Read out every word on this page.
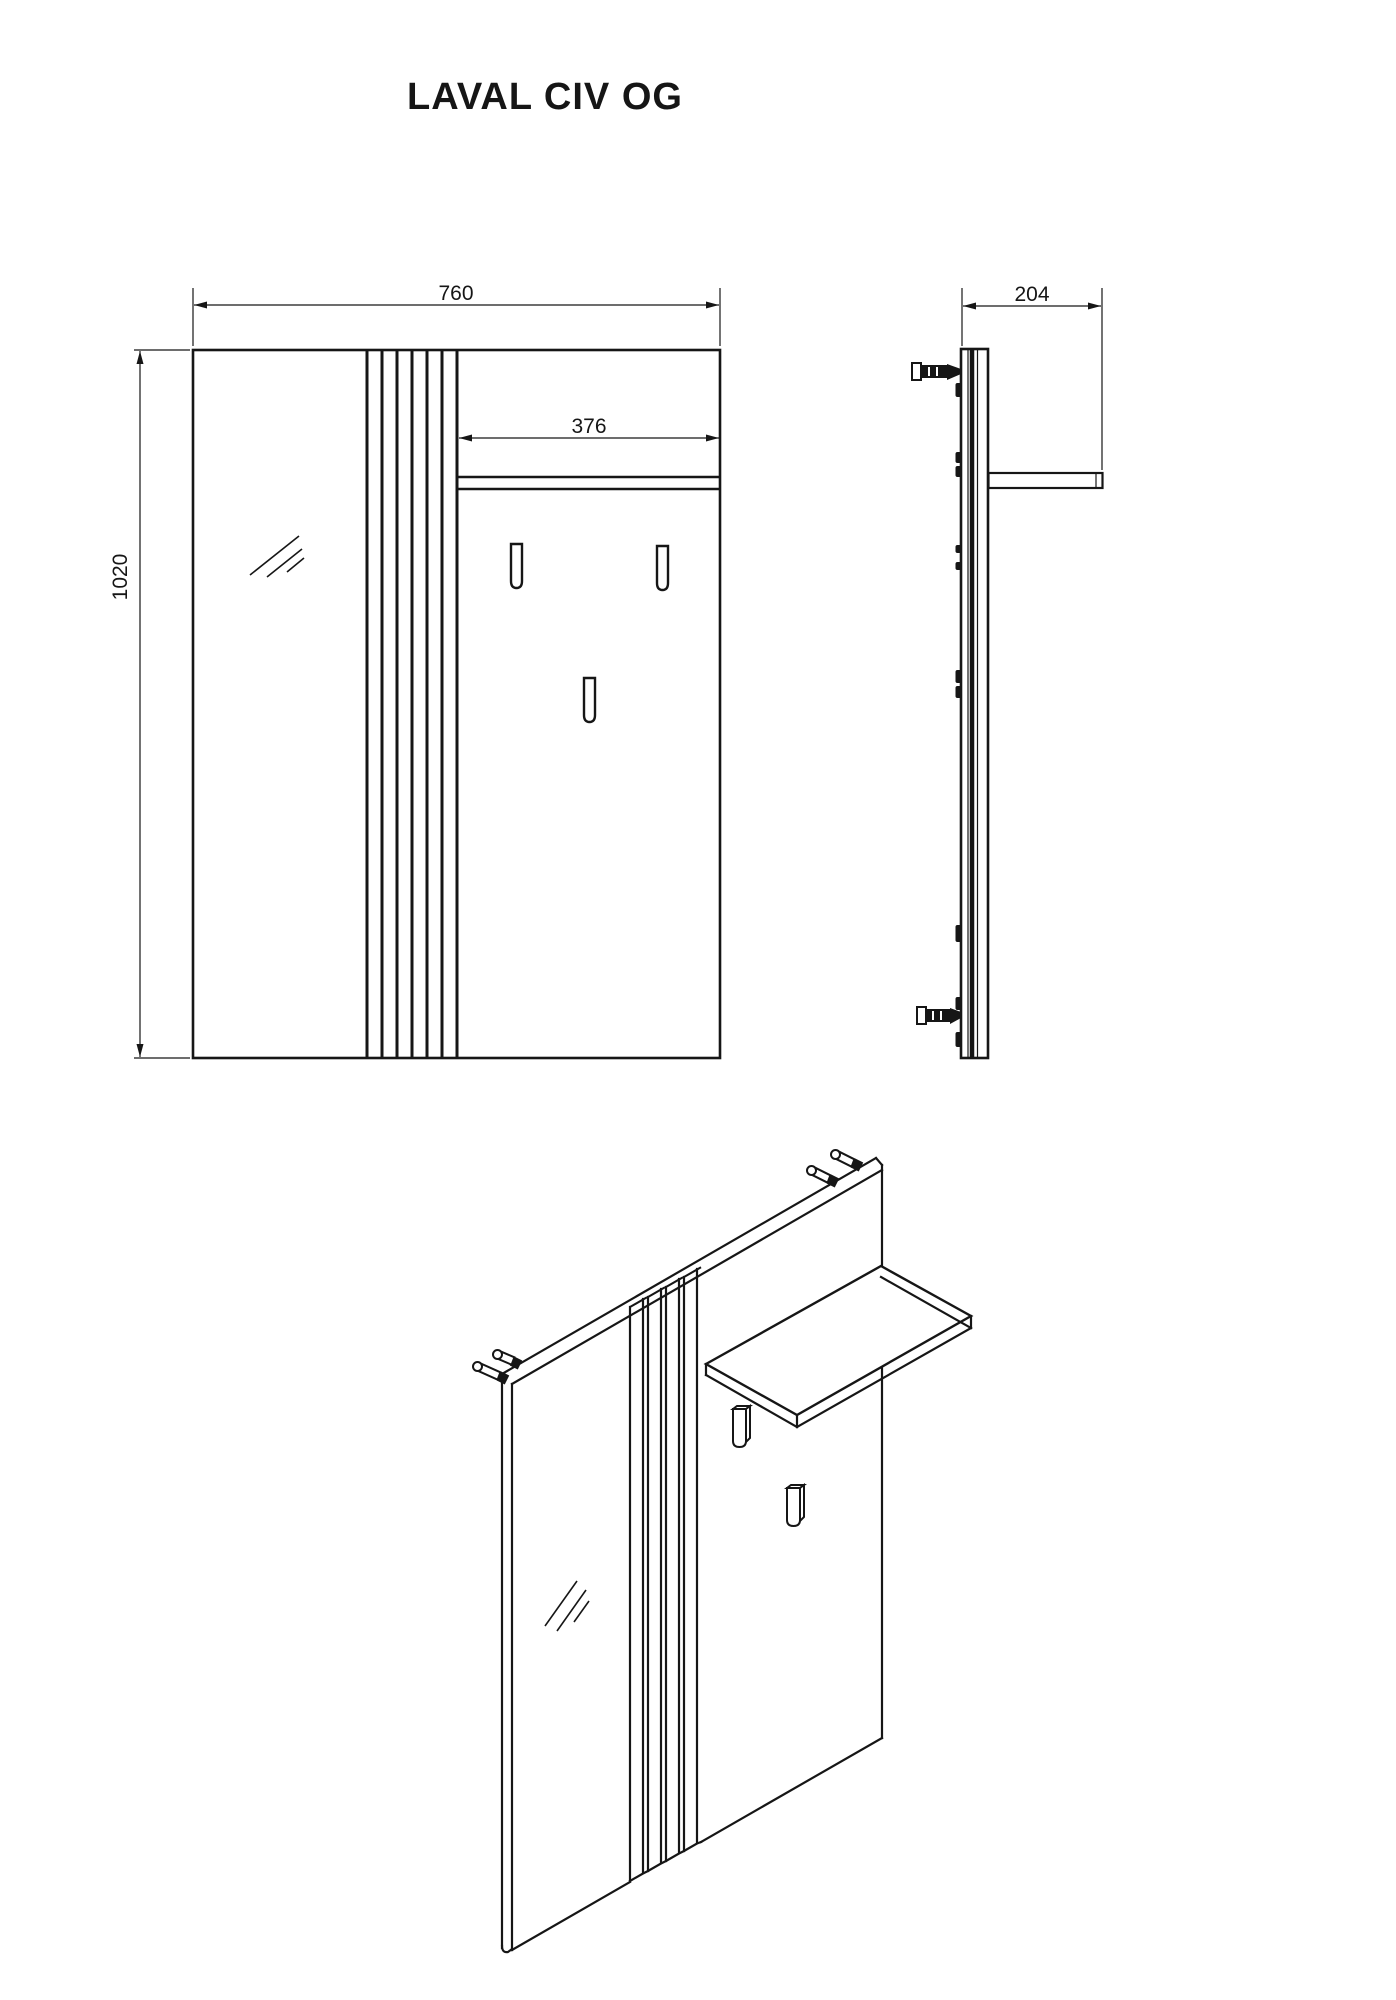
LAVAL CIV OG
760
376
1020
204
